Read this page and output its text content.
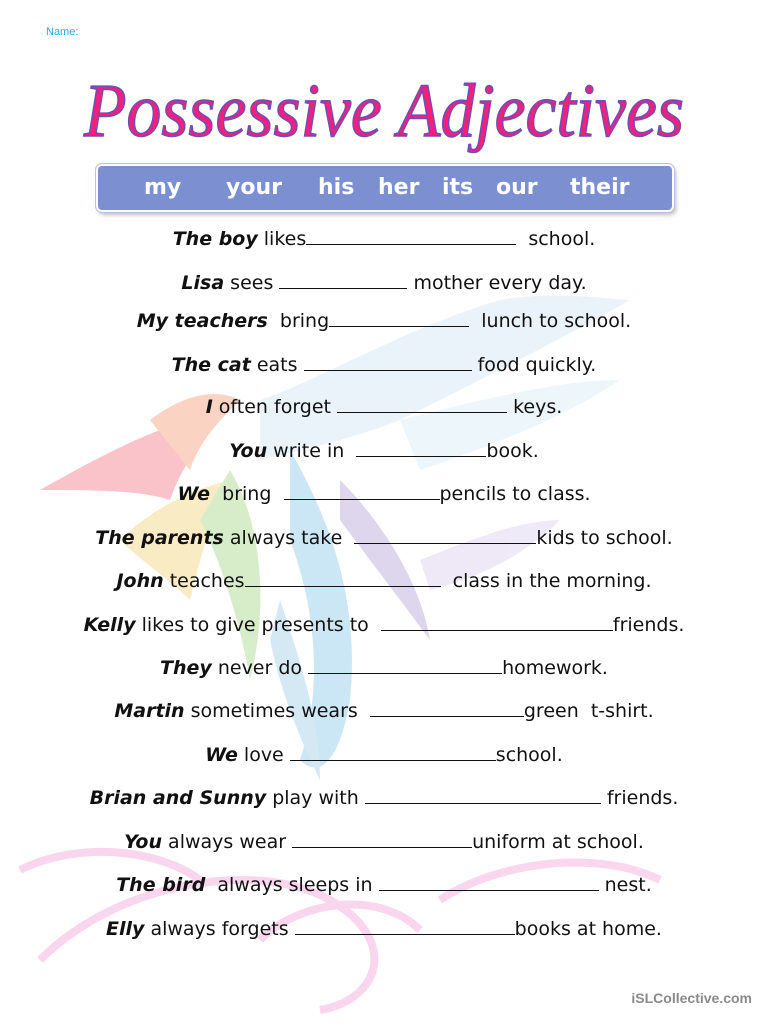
Name:
Possessive Adjectives
my your his her its our their
The boy likes	school.
Lisa sees	mother every day.
My teachers  bring	lunch to school.
The cat eats	food quickly.
I often forget	keys.
You write in	book.
We  bring	pencils to class.
The parents always take	kids to school.
John teaches	class in the morning.
Kelly likes to give presents to	friends.
They never do	homework.
Martin sometimes wears	green  t-shirt.
We love	school.
Brian and Sunny play with	friends.
You always wear	uniform at school.
The bird  always sleeps in	nest.
Elly always forgets	books at home.
iSLCollective.com
